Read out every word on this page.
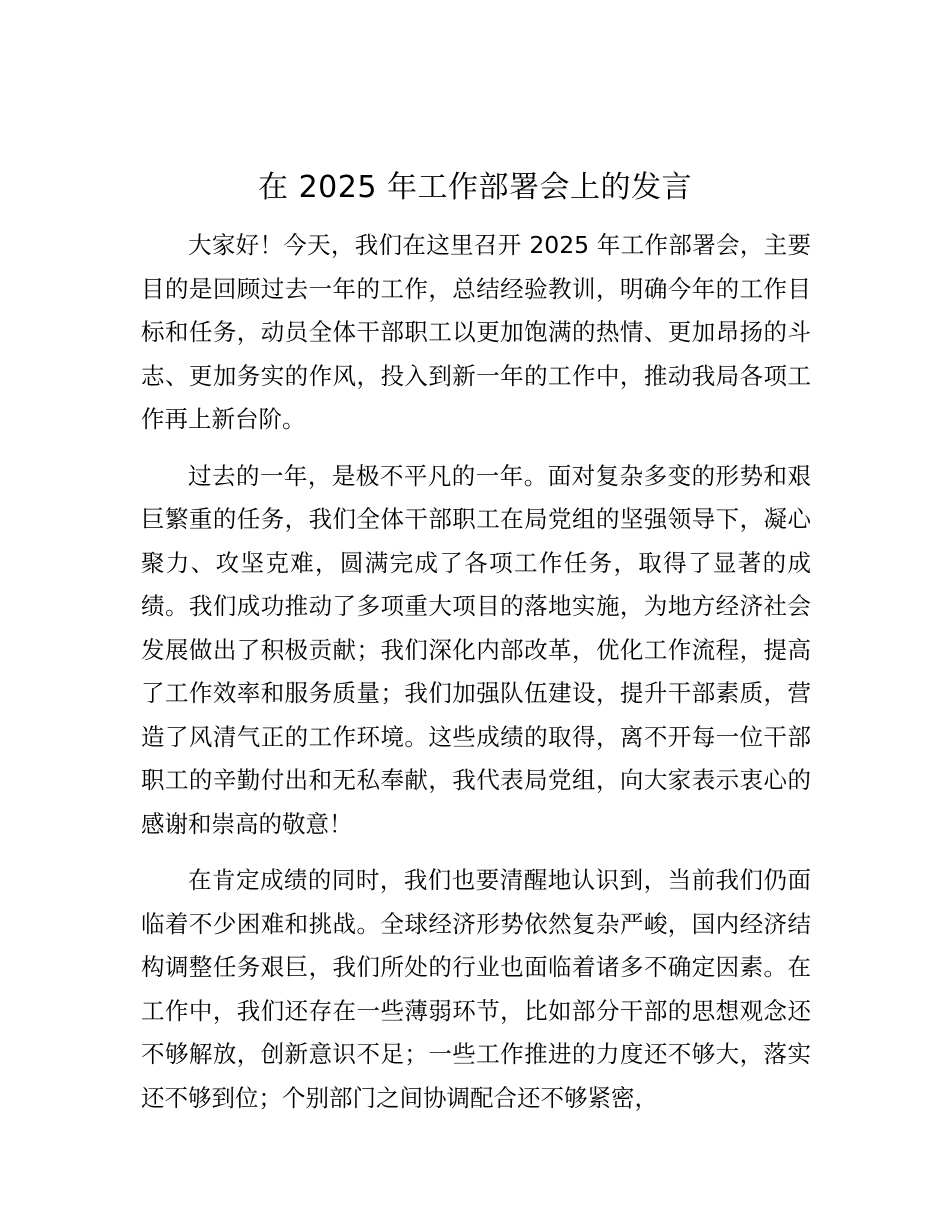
在 2025 年工作部署会上的发言

大家好！今天，我们在这里召开 2025 年工作部署会，主要目的是回顾过去一年的工作，总结经验教训，明确今年的工作目标和任务，动员全体干部职工以更加饱满的热情、更加昂扬的斗志、更加务实的作风，投入到新一年的工作中，推动我局各项工作再上新台阶。

过去的一年，是极不平凡的一年。面对复杂多变的形势和艰巨繁重的任务，我们全体干部职工在局党组的坚强领导下，凝心聚力、攻坚克难，圆满完成了各项工作任务，取得了显著的成绩。我们成功推动了多项重大项目的落地实施，为地方经济社会发展做出了积极贡献；我们深化内部改革，优化工作流程，提高了工作效率和服务质量；我们加强队伍建设，提升干部素质，营造了风清气正的工作环境。这些成绩的取得，离不开每一位干部职工的辛勤付出和无私奉献，我代表局党组，向大家表示衷心的感谢和崇高的敬意！

在肯定成绩的同时，我们也要清醒地认识到，当前我们仍面临着不少困难和挑战。全球经济形势依然复杂严峻，国内经济结构调整任务艰巨，我们所处的行业也面临着诸多不确定因素。在工作中，我们还存在一些薄弱环节，比如部分干部的思想观念还不够解放，创新意识不足；一些工作推进的力度还不够大，落实还不够到位；个别部门之间协调配合还不够紧密，
